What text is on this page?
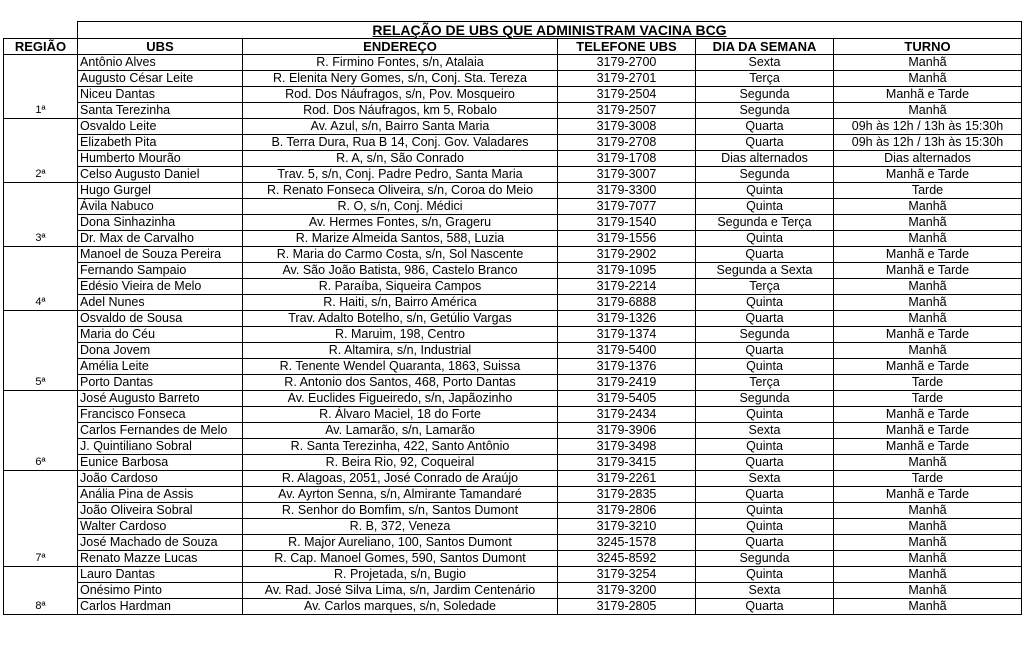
	RELAÇÃO DE UBS QUE ADMINISTRAM VACINA BCG				
REGIÃO	UBS	ENDEREÇO	TELEFONE UBS	DIA DA SEMANA	TURNO
1ª	Antônio Alves	R. Firmino Fontes, s/n, Atalaia	3179-2700	Sexta	Manhã
	Augusto César Leite	R. Elenita Nery Gomes, s/n, Conj. Sta. Tereza	3179-2701	Terça	Manhã
	Niceu Dantas	Rod. Dos Náufragos, s/n, Pov. Mosqueiro	3179-2504	Segunda	Manhã e Tarde
	Santa Terezinha	Rod. Dos Náufragos, km 5, Robalo	3179-2507	Segunda	Manhã
2ª	Osvaldo Leite	Av. Azul, s/n, Bairro Santa Maria	3179-3008	Quarta	09h às 12h / 13h às 15:30h
	Elizabeth Pita	B. Terra Dura, Rua B 14, Conj. Gov. Valadares	3179-2708	Quarta	09h às 12h / 13h às 15:30h
	Humberto Mourão	R. A, s/n, São Conrado	3179-1708	Dias alternados	Dias alternados
	Celso Augusto Daniel	Trav. 5, s/n, Conj. Padre Pedro, Santa Maria	3179-3007	Segunda	Manhã e Tarde
3ª	Hugo Gurgel	R. Renato Fonseca Oliveira, s/n, Coroa do Meio	3179-3300	Quinta	Tarde
	Ávila Nabuco	R. O, s/n, Conj. Médici	3179-7077	Quinta	Manhã
	Dona Sinhazinha	Av. Hermes Fontes, s/n, Grageru	3179-1540	Segunda e Terça	Manhã
	Dr. Max de Carvalho	R. Marize Almeida Santos, 588, Luzia	3179-1556	Quinta	Manhã
4ª	Manoel de Souza Pereira	R. Maria do Carmo Costa, s/n, Sol Nascente	3179-2902	Quarta	Manhã e Tarde
	Fernando Sampaio	Av. São João Batista, 986, Castelo Branco	3179-1095	Segunda a Sexta	Manhã e Tarde
	Edésio Vieira de Melo	R. Paraíba, Siqueira Campos	3179-2214	Terça	Manhã
	Adel Nunes	R. Haiti, s/n, Bairro América	3179-6888	Quinta	Manhã
5ª	Osvaldo de Sousa	Trav. Adalto Botelho, s/n, Getúlio Vargas	3179-1326	Quarta	Manhã
	Maria do Céu	R. Maruim, 198, Centro	3179-1374	Segunda	Manhã e Tarde
	Dona Jovem	R. Altamira, s/n, Industrial	3179-5400	Quarta	Manhã
	Amélia Leite	R. Tenente Wendel Quaranta, 1863, Suissa	3179-1376	Quinta	Manhã e Tarde
	Porto Dantas	R. Antonio dos Santos, 468, Porto Dantas	3179-2419	Terça	Tarde
6ª	José Augusto Barreto	Av. Euclides Figueiredo, s/n, Japãozinho	3179-5405	Segunda	Tarde
	Francisco Fonseca	R. Álvaro Maciel, 18 do Forte	3179-2434	Quinta	Manhã e Tarde
	Carlos Fernandes de Melo	Av. Lamarão, s/n, Lamarão	3179-3906	Sexta	Manhã e Tarde
	J. Quintiliano Sobral	R. Santa Terezinha, 422, Santo Antônio	3179-3498	Quinta	Manhã e Tarde
	Eunice Barbosa	R. Beira Rio, 92, Coqueiral	3179-3415	Quarta	Manhã
7ª	João Cardoso	R. Alagoas, 2051, José Conrado de Araújo	3179-2261	Sexta	Tarde
	Anália Pina de Assis	Av. Ayrton Senna, s/n, Almirante Tamandaré	3179-2835	Quarta	Manhã e Tarde
	João Oliveira Sobral	R. Senhor do Bomfim, s/n, Santos Dumont	3179-2806	Quinta	Manhã
	Walter Cardoso	R. B, 372, Veneza	3179-3210	Quinta	Manhã
	José Machado de Souza	R. Major Aureliano, 100, Santos Dumont	3245-1578	Quarta	Manhã
	Renato Mazze Lucas	R. Cap. Manoel Gomes, 590, Santos Dumont	3245-8592	Segunda	Manhã
8ª	Lauro Dantas	R. Projetada, s/n, Bugio	3179-3254	Quinta	Manhã
	Onésimo Pinto	Av. Rad. José Silva Lima, s/n, Jardim Centenário	3179-3200	Sexta	Manhã
	Carlos Hardman	Av. Carlos marques, s/n, Soledade	3179-2805	Quarta	Manhã
